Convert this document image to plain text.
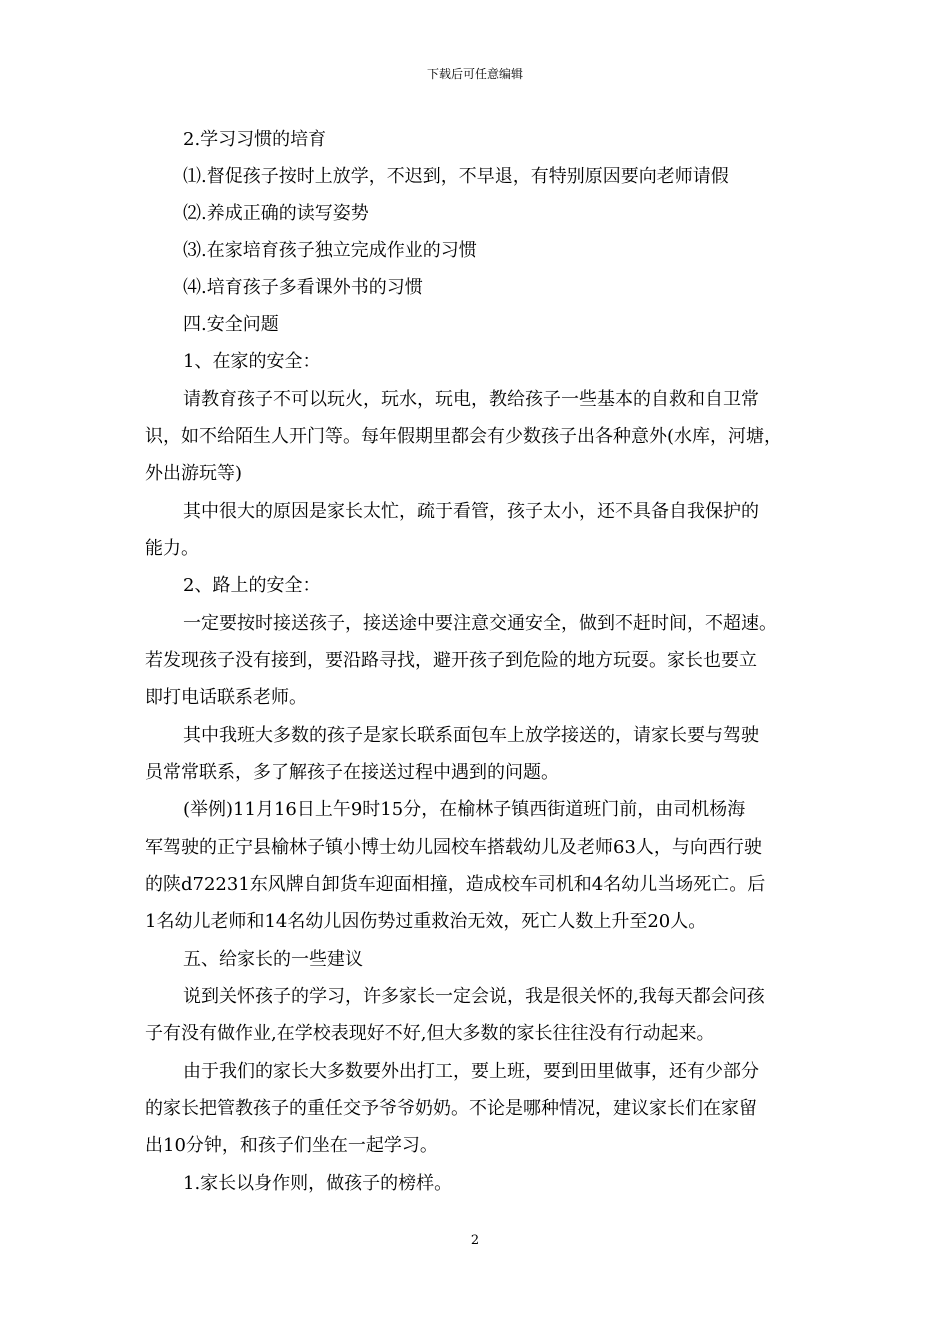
下载后可任意编辑
2.学习习惯的培育
⑴.督促孩子按时上放学，不迟到，不早退，有特别原因要向老师请假
⑵.养成正确的读写姿势
⑶.在家培育孩子独立完成作业的习惯
⑷.培育孩子多看课外书的习惯
四.安全问题
1、在家的安全：
请教育孩子不可以玩火，玩水，玩电，教给孩子一些基本的自救和自卫常
识，如不给陌生人开门等。每年假期里都会有少数孩子出各种意外(水库，河塘，
外出游玩等)
其中很大的原因是家长太忙，疏于看管，孩子太小，还不具备自我保护的
能力。
2、路上的安全：
一定要按时接送孩子，接送途中要注意交通安全，做到不赶时间，不超速。
若发现孩子没有接到，要沿路寻找，避开孩子到危险的地方玩耍。家长也要立
即打电话联系老师。
其中我班大多数的孩子是家长联系面包车上放学接送的，请家长要与驾驶
员常常联系，多了解孩子在接送过程中遇到的问题。
(举例)11月16日上午9时15分，在榆林子镇西街道班门前，由司机杨海
军驾驶的正宁县榆林子镇小博士幼儿园校车搭载幼儿及老师63人，与向西行驶
的陕d72231东风牌自卸货车迎面相撞，造成校车司机和4名幼儿当场死亡。后
1名幼儿老师和14名幼儿因伤势过重救治无效，死亡人数上升至20人。
五、给家长的一些建议
说到关怀孩子的学习，许多家长一定会说，我是很关怀的,我每天都会问孩
子有没有做作业,在学校表现好不好,但大多数的家长往往没有行动起来。
由于我们的家长大多数要外出打工，要上班，要到田里做事，还有少部分
的家长把管教孩子的重任交予爷爷奶奶。不论是哪种情况，建议家长们在家留
出10分钟，和孩子们坐在一起学习。
1.家长以身作则，做孩子的榜样。
2
